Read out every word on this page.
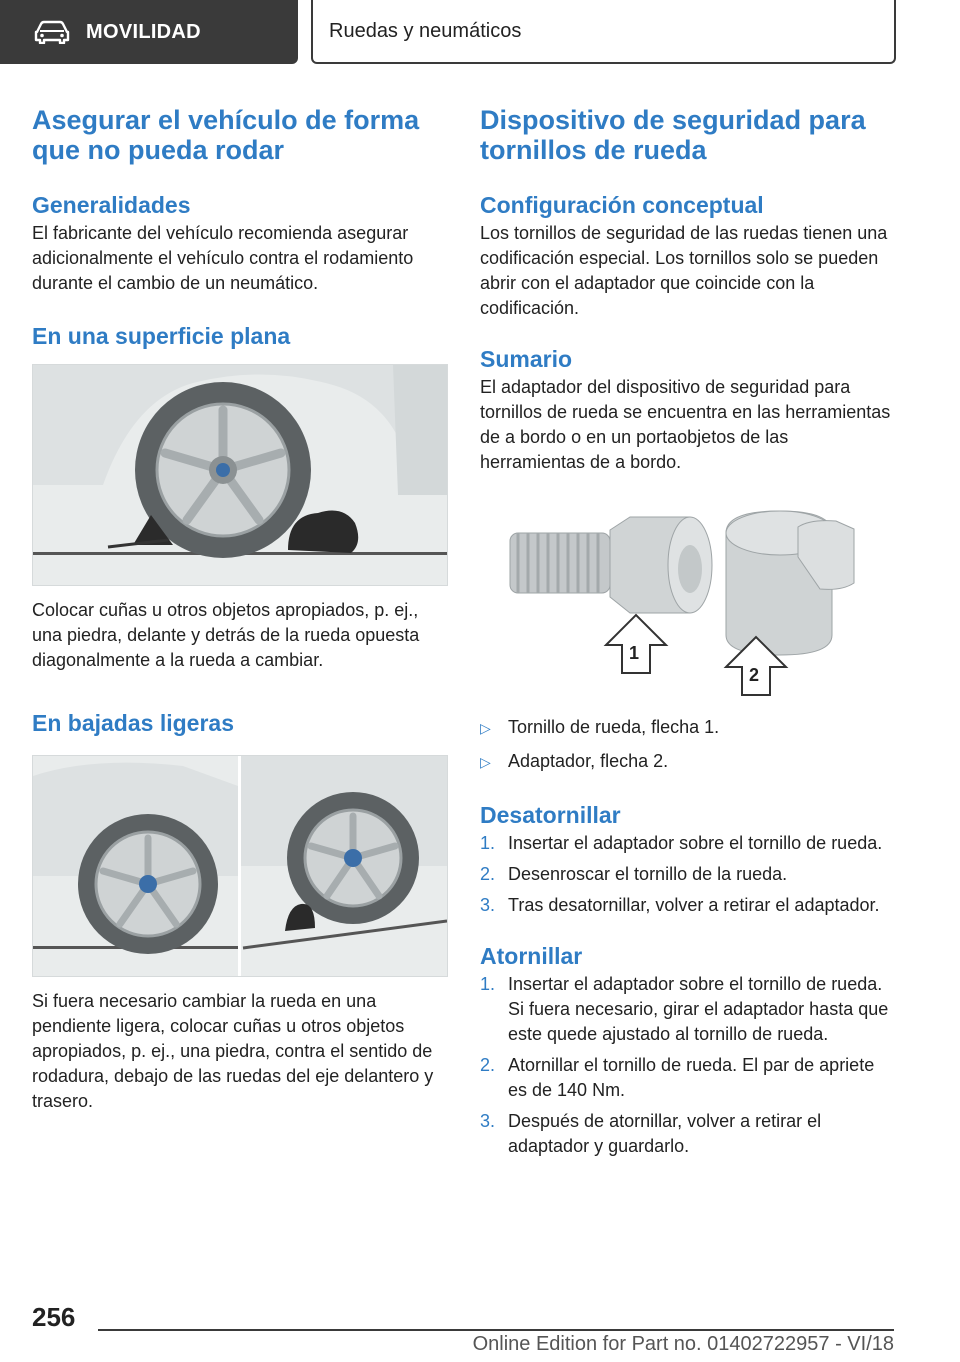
MOVILIDAD	Ruedas y neumáticos
Asegurar el vehículo de forma que no pueda rodar
Generalidades

El fabricante del vehículo recomienda asegurar adicionalmente el vehículo contra el rodamiento durante el cambio de un neumático.

En una superficie plana

Colocar cuñas u otros objetos apropiados, p. ej., una piedra, delante y detrás de la rueda opuesta diagonalmente a la rueda a cambiar.

En bajadas ligeras

Si fuera necesario cambiar la rueda en una pendiente ligera, colocar cuñas u otros objetos apropiados, p. ej., una piedra, contra el sentido de rodadura, debajo de las ruedas del eje delantero y trasero.

Dispositivo de seguridad para tornillos de rueda
Configuración conceptual

Los tornillos de seguridad de las ruedas tienen una codificación especial. Los tornillos solo se pueden abrir con el adaptador que coincide con la codificación.

Sumario

El adaptador del dispositivo de seguridad para tornillos de rueda se encuentra en las herramientas de a bordo o en un portaobjetos de las herramientas de a bordo.

1
2
▷ Tornillo de rueda, flecha 1.
▷ Adaptador, flecha 2.
Desatornillar
1. Insertar el adaptador sobre el tornillo de rueda.
2. Desenroscar el tornillo de la rueda.
3. Tras desatornillar, volver a retirar el adaptador.
Atornillar
1. Insertar el adaptador sobre el tornillo de rueda. Si fuera necesario, girar el adaptador hasta que este quede ajustado al tornillo de rueda.
2. Atornillar el tornillo de rueda. El par de apriete es de 140 Nm.
3. Después de atornillar, volver a retirar el adaptador y guardarlo.
256
Online Edition for Part no. 01402722957 - VI/18
